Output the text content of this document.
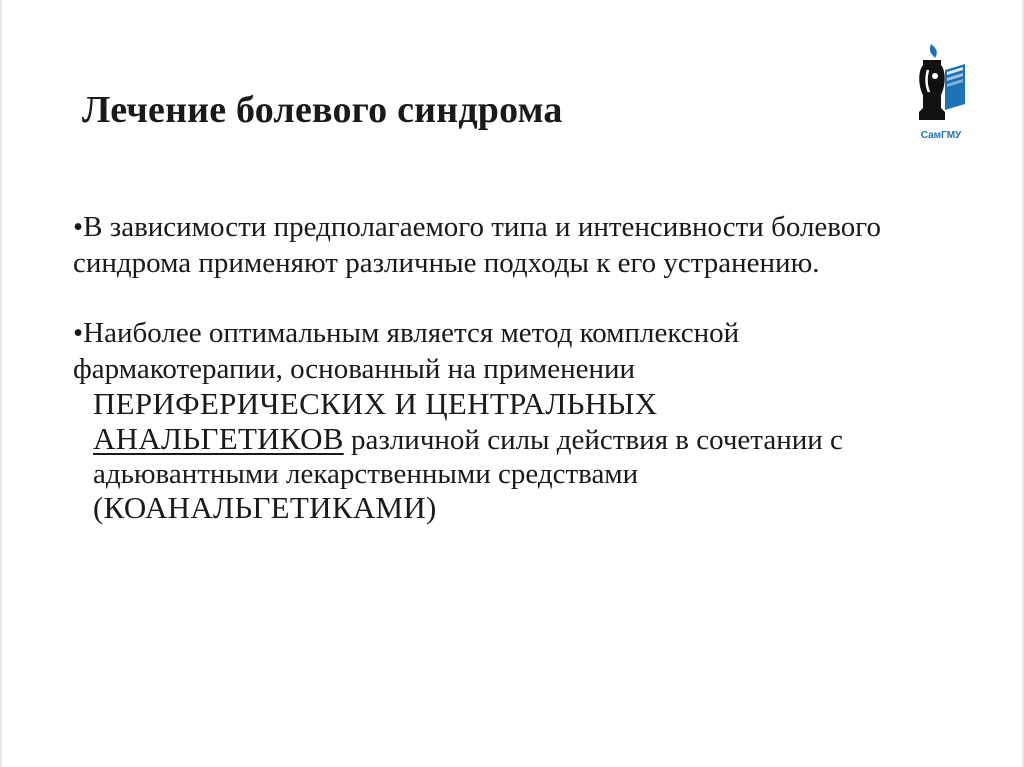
Лечение болевого синдрома
СамГМУ

•В зависимости предполагаемого типа и интенсивности болевого синдрома применяют различные подходы к его устранению.

•Наиболее оптимальным является метод комплексной фармакотерапии, основанный на применении

ПЕРИФЕРИЧЕСКИХ И ЦЕНТРАЛЬНЫХ
АНАЛЬГЕТИКОВ различной силы действия в сочетании с адьювантными лекарственными средствами
(КОАНАЛЬГЕТИКАМИ)
